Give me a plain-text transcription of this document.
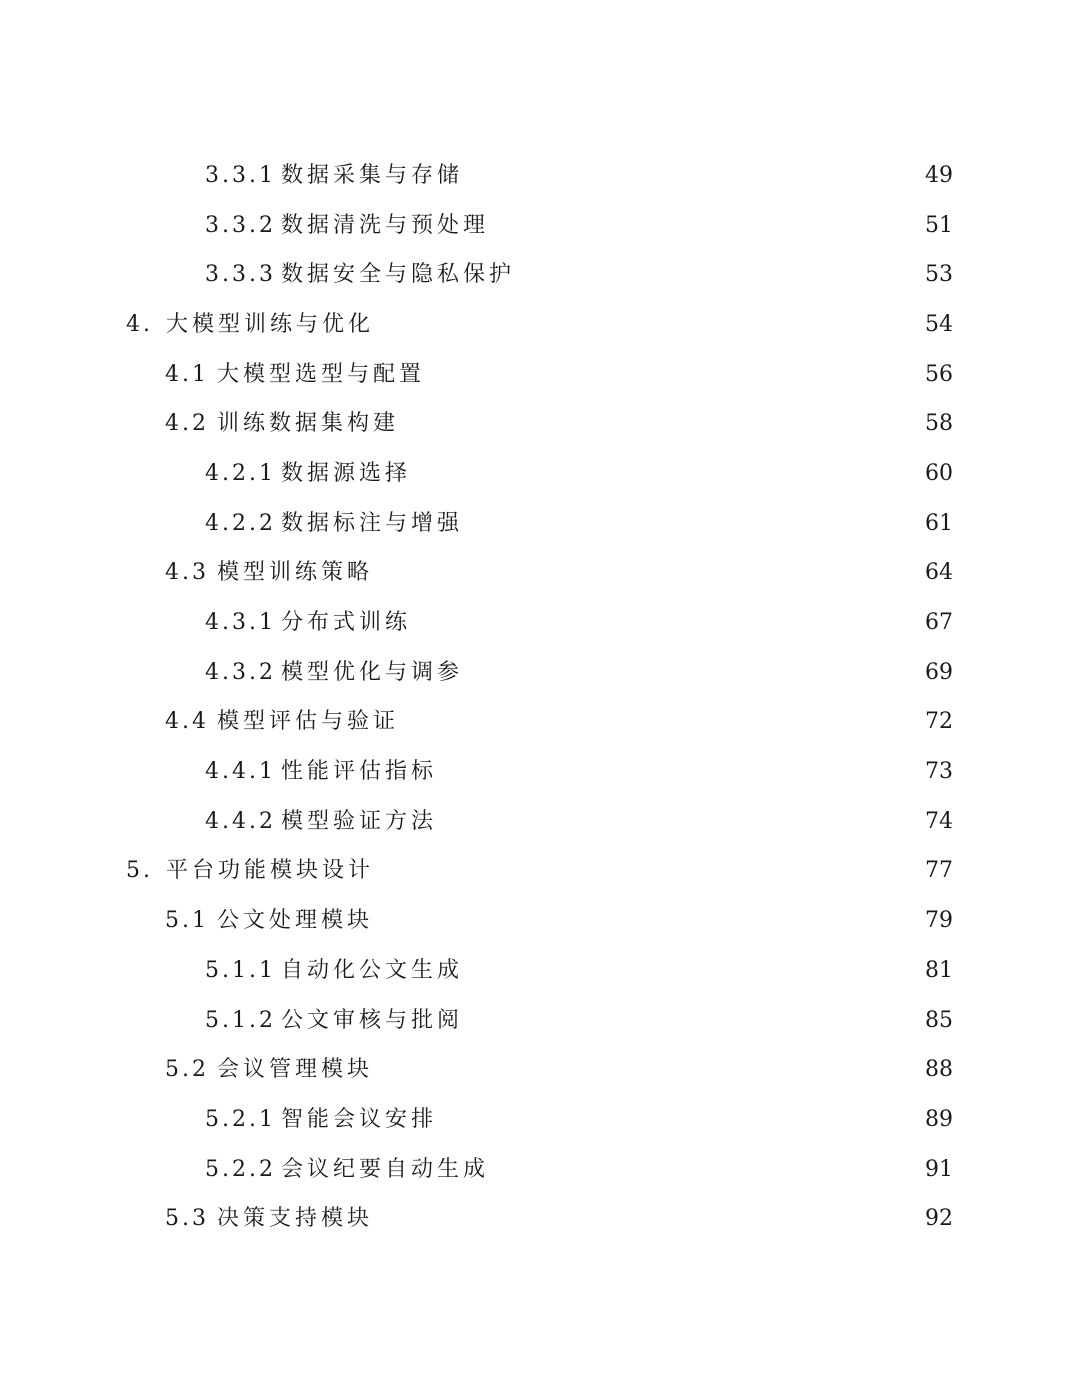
3.3.1 数据采集与存储	49
3.3.2 数据清洗与预处理	51
3.3.3 数据安全与隐私保护	53
4. 大模型训练与优化	54
4.1 大模型选型与配置	56
4.2 训练数据集构建	58
4.2.1 数据源选择	60
4.2.2 数据标注与增强	61
4.3 模型训练策略	64
4.3.1 分布式训练	67
4.3.2 模型优化与调参	69
4.4 模型评估与验证	72
4.4.1 性能评估指标	73
4.4.2 模型验证方法	74
5. 平台功能模块设计	77
5.1 公文处理模块	79
5.1.1 自动化公文生成	81
5.1.2 公文审核与批阅	85
5.2 会议管理模块	88
5.2.1 智能会议安排	89
5.2.2 会议纪要自动生成	91
5.3 决策支持模块	92
